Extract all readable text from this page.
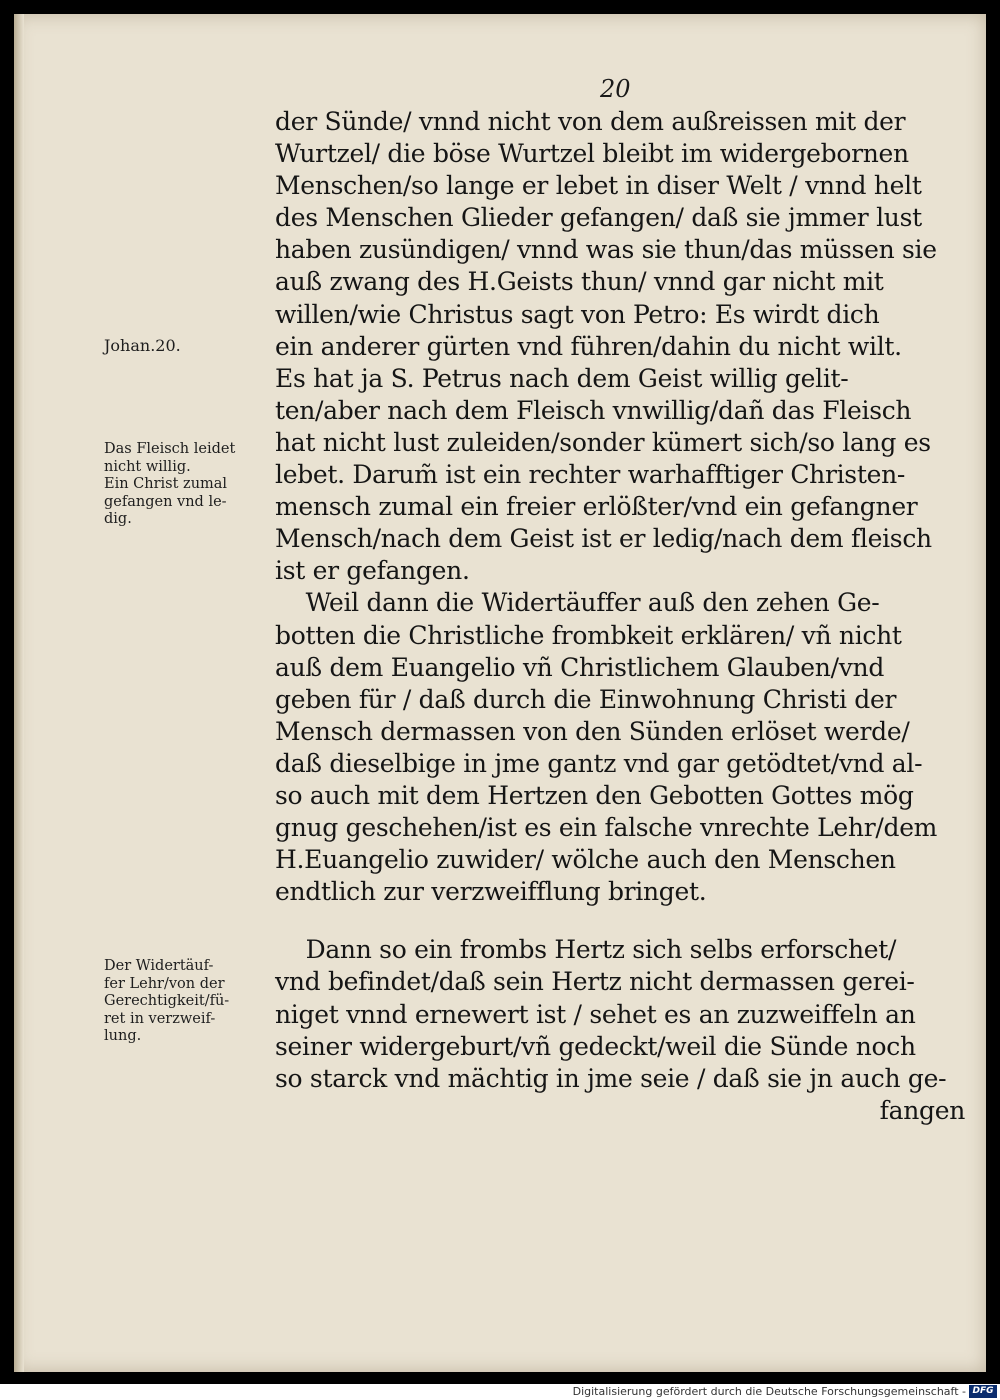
20
Johan.20.
Das Fleisch leidet
nicht willig.
Ein Christ zumal
gefangen vnd le-
dig.
Der Widertäuf-
fer Lehr/von der
Gerechtigkeit/fü-
ret in verzweif-
lung.
der Sünde/ vnnd nicht von dem außreissen mit der
Wurtzel/ die böse Wurtzel bleibt im widergebornen
Menschen/so lange er lebet in diser Welt / vnnd helt
des Menschen Glieder gefangen/ daß sie jmmer lust
haben zusündigen/ vnnd was sie thun/das müssen sie
auß zwang des H.Geists thun/ vnnd gar nicht mit
willen/wie Christus sagt von Petro: Es wirdt dich
ein anderer gürten vnd führen/dahin du nicht wilt.
Es hat ja S. Petrus nach dem Geist willig gelit-
ten/aber nach dem Fleisch vnwillig/dañ das Fleisch
hat nicht lust zuleiden/sonder kümert sich/so lang es
lebet. Darum̃ ist ein rechter warhafftiger Christen-
mensch zumal ein freier erlößter/vnd ein gefangner
Mensch/nach dem Geist ist er ledig/nach dem fleisch
ist er gefangen.
Weil dann die Widertäuffer auß den zehen Ge-
botten die Christliche frombkeit erklären/ vñ nicht
auß dem Euangelio vñ Christlichem Glauben/vnd
geben für / daß durch die Einwohnung Christi der
Mensch dermassen von den Sünden erlöset werde/
daß dieselbige in jme gantz vnd gar getödtet/vnd al-
so auch mit dem Hertzen den Gebotten Gottes mög
gnug geschehen/ist es ein falsche vnrechte Lehr/dem
H.Euangelio zuwider/ wölche auch den Menschen
endtlich zur verzweifflung bringet.
Dann so ein frombs Hertz sich selbs erforschet/
vnd befindet/daß sein Hertz nicht dermassen gerei-
niget vnnd ernewert ist / sehet es an zuzweiffeln an
seiner widergeburt/vñ gedeckt/weil die Sünde noch
so starck vnd mächtig in jme seie / daß sie jn auch ge-
fangen
Digitalisierung gefördert durch die Deutsche Forschungsgemeinschaft - DFG
